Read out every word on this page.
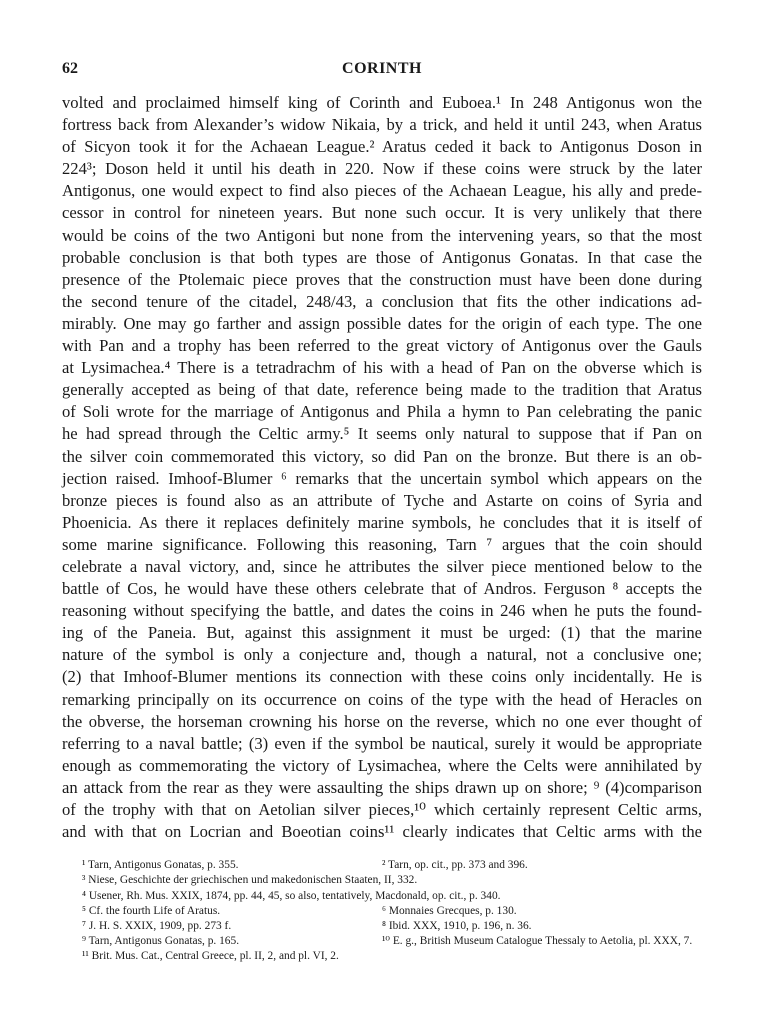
62	CORINTH
volted and proclaimed himself king of Corinth and Euboea.¹ In 248 Antigonus won the
fortress back from Alexander’s widow Nikaia, by a trick, and held it until 243, when Aratus
of Sicyon took it for the Achaean League.² Aratus ceded it back to Antigonus Doson in
224³; Doson held it until his death in 220. Now if these coins were struck by the later
Antigonus, one would expect to find also pieces of the Achaean League, his ally and prede-
cessor in control for nineteen years. But none such occur. It is very unlikely that there
would be coins of the two Antigoni but none from the intervening years, so that the most
probable conclusion is that both types are those of Antigonus Gonatas. In that case the
presence of the Ptolemaic piece proves that the construction must have been done during
the second tenure of the citadel, 248/43, a conclusion that fits the other indications ad-
mirably. One may go farther and assign possible dates for the origin of each type. The one
with Pan and a trophy has been referred to the great victory of Antigonus over the Gauls
at Lysimachea.⁴ There is a tetradrachm of his with a head of Pan on the obverse which is
generally accepted as being of that date, reference being made to the tradition that Aratus
of Soli wrote for the marriage of Antigonus and Phila a hymn to Pan celebrating the panic
he had spread through the Celtic army.⁵ It seems only natural to suppose that if Pan on
the silver coin commemorated this victory, so did Pan on the bronze. But there is an ob-
jection raised. Imhoof-Blumer ⁶ remarks that the uncertain symbol which appears on the
bronze pieces is found also as an attribute of Tyche and Astarte on coins of Syria and
Phoenicia. As there it replaces definitely marine symbols, he concludes that it is itself of
some marine significance. Following this reasoning, Tarn ⁷ argues that the coin should
celebrate a naval victory, and, since he attributes the silver piece mentioned below to the
battle of Cos, he would have these others celebrate that of Andros. Ferguson ⁸ accepts the
reasoning without specifying the battle, and dates the coins in 246 when he puts the found-
ing of the Paneia. But, against this assignment it must be urged: (1) that the marine
nature of the symbol is only a conjecture and, though a natural, not a conclusive one;
(2) that Imhoof-Blumer mentions its connection with these coins only incidentally. He is
remarking principally on its occurrence on coins of the type with the head of Heracles on
the obverse, the horseman crowning his horse on the reverse, which no one ever thought of
referring to a naval battle; (3) even if the symbol be nautical, surely it would be appropriate
enough as commemorating the victory of Lysimachea, where the Celts were annihilated by
an attack from the rear as they were assaulting the ships drawn up on shore; ⁹ (4)comparison
of the trophy with that on Aetolian silver pieces,¹⁰ which certainly represent Celtic arms,
and with that on Locrian and Boeotian coins¹¹ clearly indicates that Celtic arms with the
¹ Tarn, Antigonus Gonatas, p. 355.	² Tarn, op. cit., pp. 373 and 396.
³ Niese, Geschichte der griechischen und makedonischen Staaten, II, 332.
⁴ Usener, Rh. Mus. XXIX, 1874, pp. 44, 45, so also, tentatively, Macdonald, op. cit., p. 340.
⁵ Cf. the fourth Life of Aratus.	⁶ Monnaies Grecques, p. 130.
⁷ J. H. S. XXIX, 1909, pp. 273 f.	⁸ Ibid. XXX, 1910, p. 196, n. 36.
⁹ Tarn, Antigonus Gonatas, p. 165.	¹⁰ E. g., British Museum Catalogue Thessaly to Aetolia, pl. XXX, 7.
¹¹ Brit. Mus. Cat., Central Greece, pl. II, 2, and pl. VI, 2.
